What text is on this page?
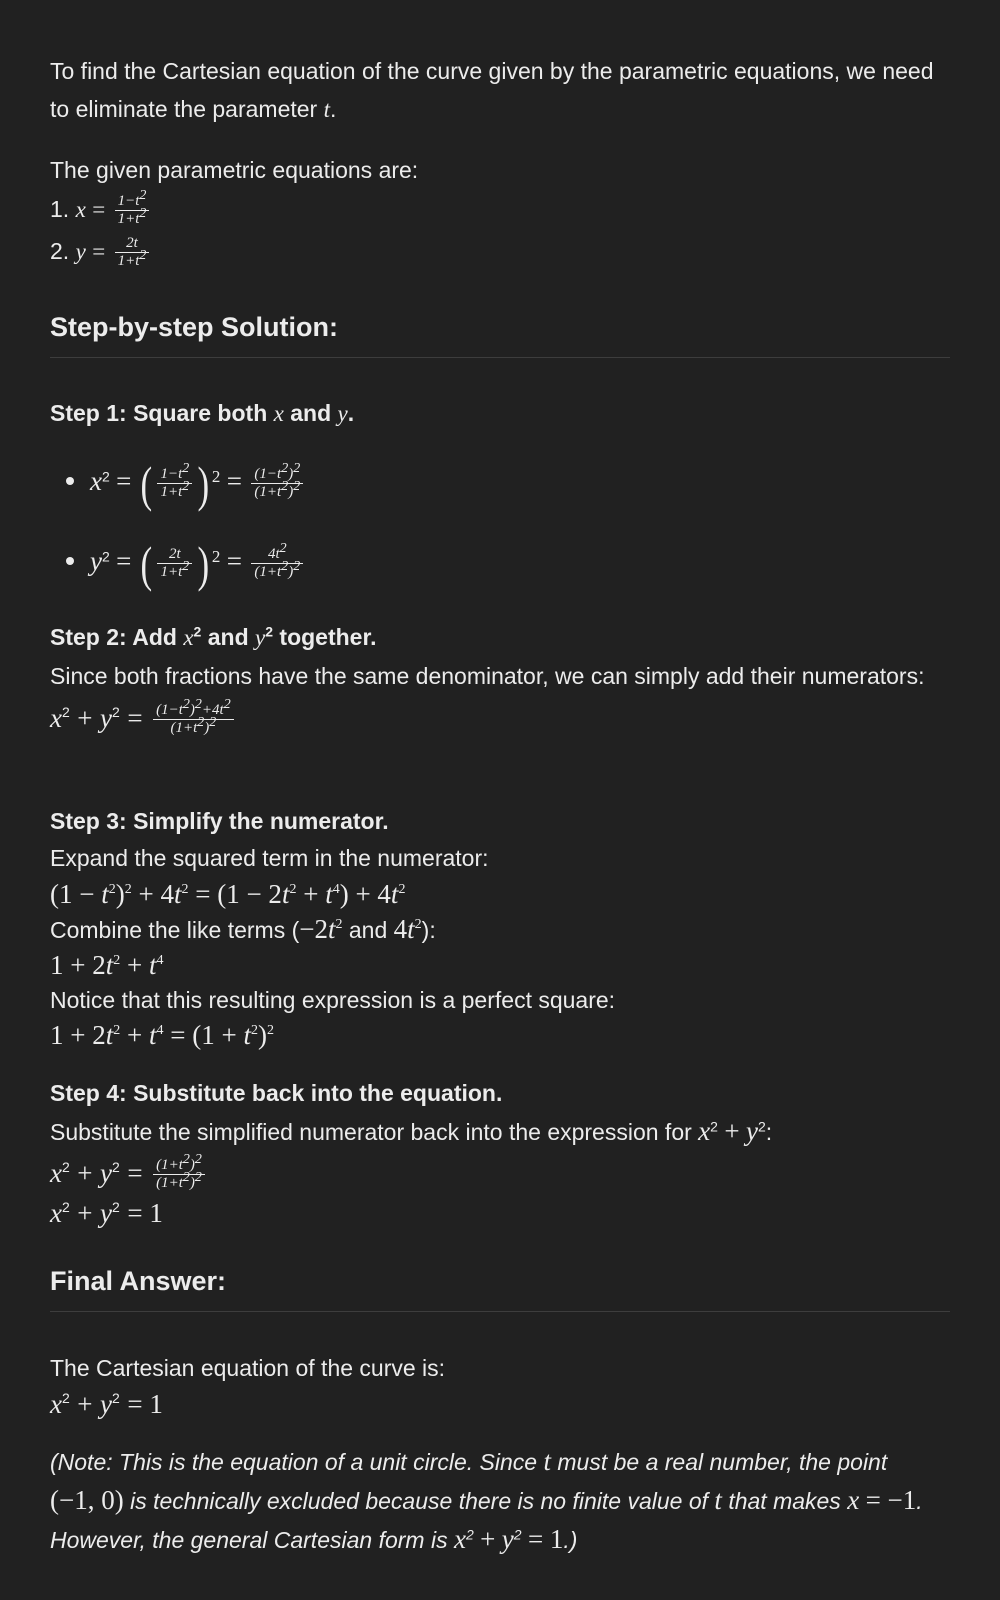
To find the Cartesian equation of the curve given by the parametric equations, we need to eliminate the parameter t.

The given parametric equations are:

1. $x = \frac{1-t^2}{1+t^2}$
2. $y = \frac{2t}{1+t^2}$
Step-by-step Solution:

Step 1: Square both x and y.

$x^2$ = ( $\frac{1-t^2}{1+t^2}$ ) $^2 = \frac{(1-t^2)^2}{(1+t^2)^2}$
$y^2$ = ( $\frac{2t}{1+t^2}$ ) $^2 = \frac{4t^2}{(1+t^2)^2}$

Step 2: Add $x^2$ and $y^2$ together.

Since both fractions have the same denominator, we can simply add their numerators:

$x^2 + y^2 = \frac{(1-t^2)^2+4t^2}{(1+t^2)^2}$

Step 3: Simplify the numerator.

Expand the squared term in the numerator:

$(1 - t^2)^2 + 4t^2 = (1 - 2t^2 + t^4) + 4t^2$

Combine the like terms ($-2t^2$ and $4t^2$):

$1 + 2t^2 + t^4$

Notice that this resulting expression is a perfect square:

$1 + 2t^2 + t^4 = (1 + t^2)^2$

Step 4: Substitute back into the equation.

Substitute the simplified numerator back into the expression for $x^2 + y^2$:

$x^2 + y^2 = \frac{(1+t^2)^2}{(1+t^2)^2}$
$x^2 + y^2 = 1$
Final Answer:

The Cartesian equation of the curve is:

$x^2 + y^2 = 1$
(Note: This is the equation of a unit circle. Since t must be a real number, the point (−1, 0) is technically excluded because there is no finite value of t that makes x = −1. However, the general Cartesian form is $x^2 + y^2 = 1$.)
